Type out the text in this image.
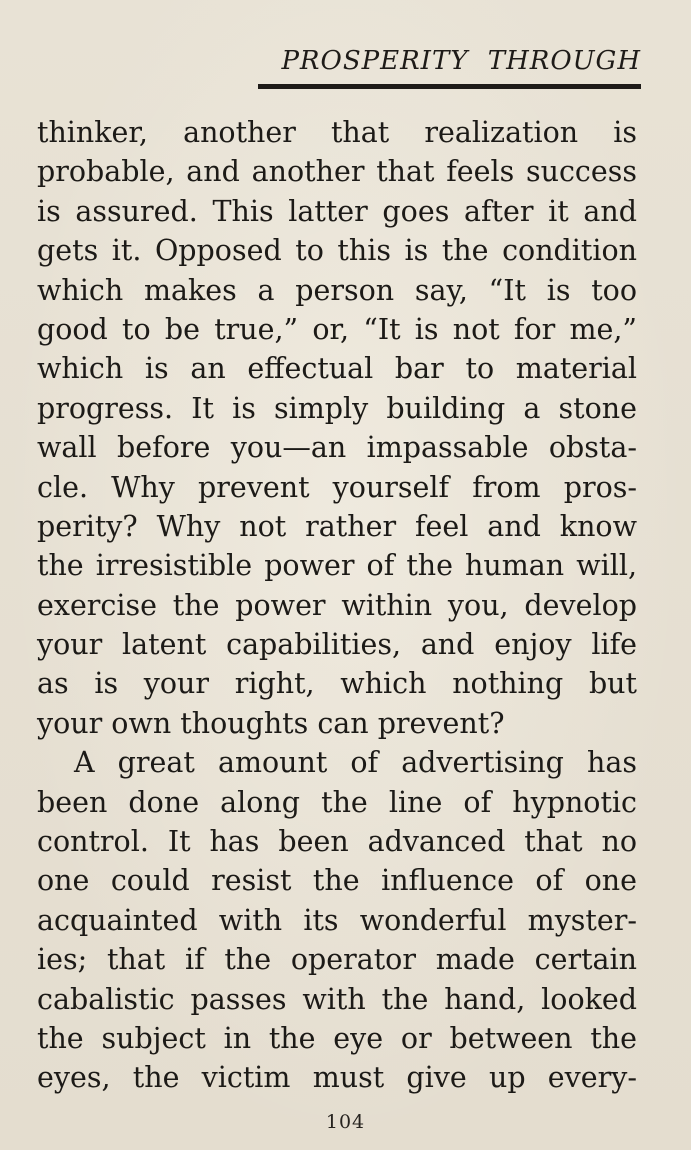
PROSPERITY THROUGH
thinker, another that realization is
probable, and another that feels success
is assured. This latter goes after it and
gets it. Opposed to this is the condition
which makes a person say, “It is too
good to be true,” or, “It is not for me,”
which is an effectual bar to material
progress. It is simply building a stone
wall before you—an impassable obsta-
cle. Why prevent yourself from pros-
perity? Why not rather feel and know
the irresistible power of the human will,
exercise the power within you, develop
your latent capabilities, and enjoy life
as is your right, which nothing but
your own thoughts can prevent?
A great amount of advertising has
been done along the line of hypnotic
control. It has been advanced that no
one could resist the influence of one
acquainted with its wonderful myster-
ies; that if the operator made certain
cabalistic passes with the hand, looked
the subject in the eye or between the
eyes, the victim must give up every-
104
